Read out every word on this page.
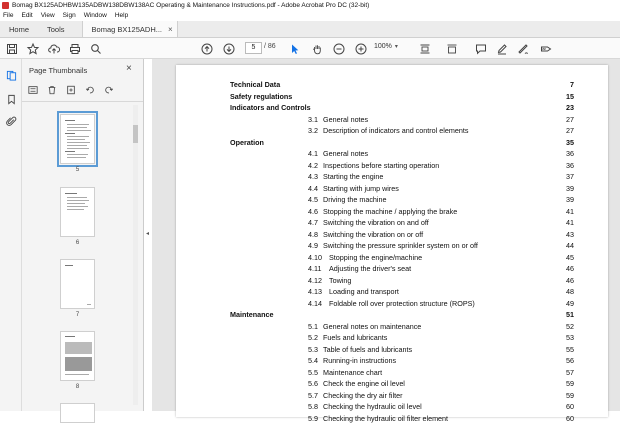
Bomag BX125ADHBW135ADBW138DBW138AC Operating & Maintenance Instructions.pdf - Adobe Acrobat Pro DC (32-bit)
File Edit View Sign Window Help
Home Tools	Bomag BX125ADH... ×
5	/ 86	100% ▾
Page Thumbnails	×
5
6
7
8
◂
Technical Data	7
Safety regulations	15
Indicators and Controls	23
3.1 General notes	27
3.2 Description of indicators and control elements	27
Operation	35
4.1 General notes	36
4.2 Inspections before starting operation	36
4.3 Starting the engine	37
4.4 Starting with jump wires	39
4.5 Driving the machine	39
4.6 Stopping the machine / applying the brake	41
4.7 Switching the vibration on and off	41
4.8 Switching the vibration on or off	43
4.9 Switching the pressure sprinkler system on or off	44
4.10 Stopping the engine/machine	45
4.11 Adjusting the driver's seat	46
4.12 Towing	46
4.13 Loading and transport	48
4.14 Foldable roll over protection structure (ROPS)	49
Maintenance	51
5.1 General notes on maintenance	52
5.2 Fuels and lubricants	53
5.3 Table of fuels and lubricants	55
5.4 Running-in instructions	56
5.5 Maintenance chart	57
5.6 Check the engine oil level	59
5.7 Checking the dry air filter	59
5.8 Checking the hydraulic oil level	60
5.9 Checking the hydraulic oil filter element	60
